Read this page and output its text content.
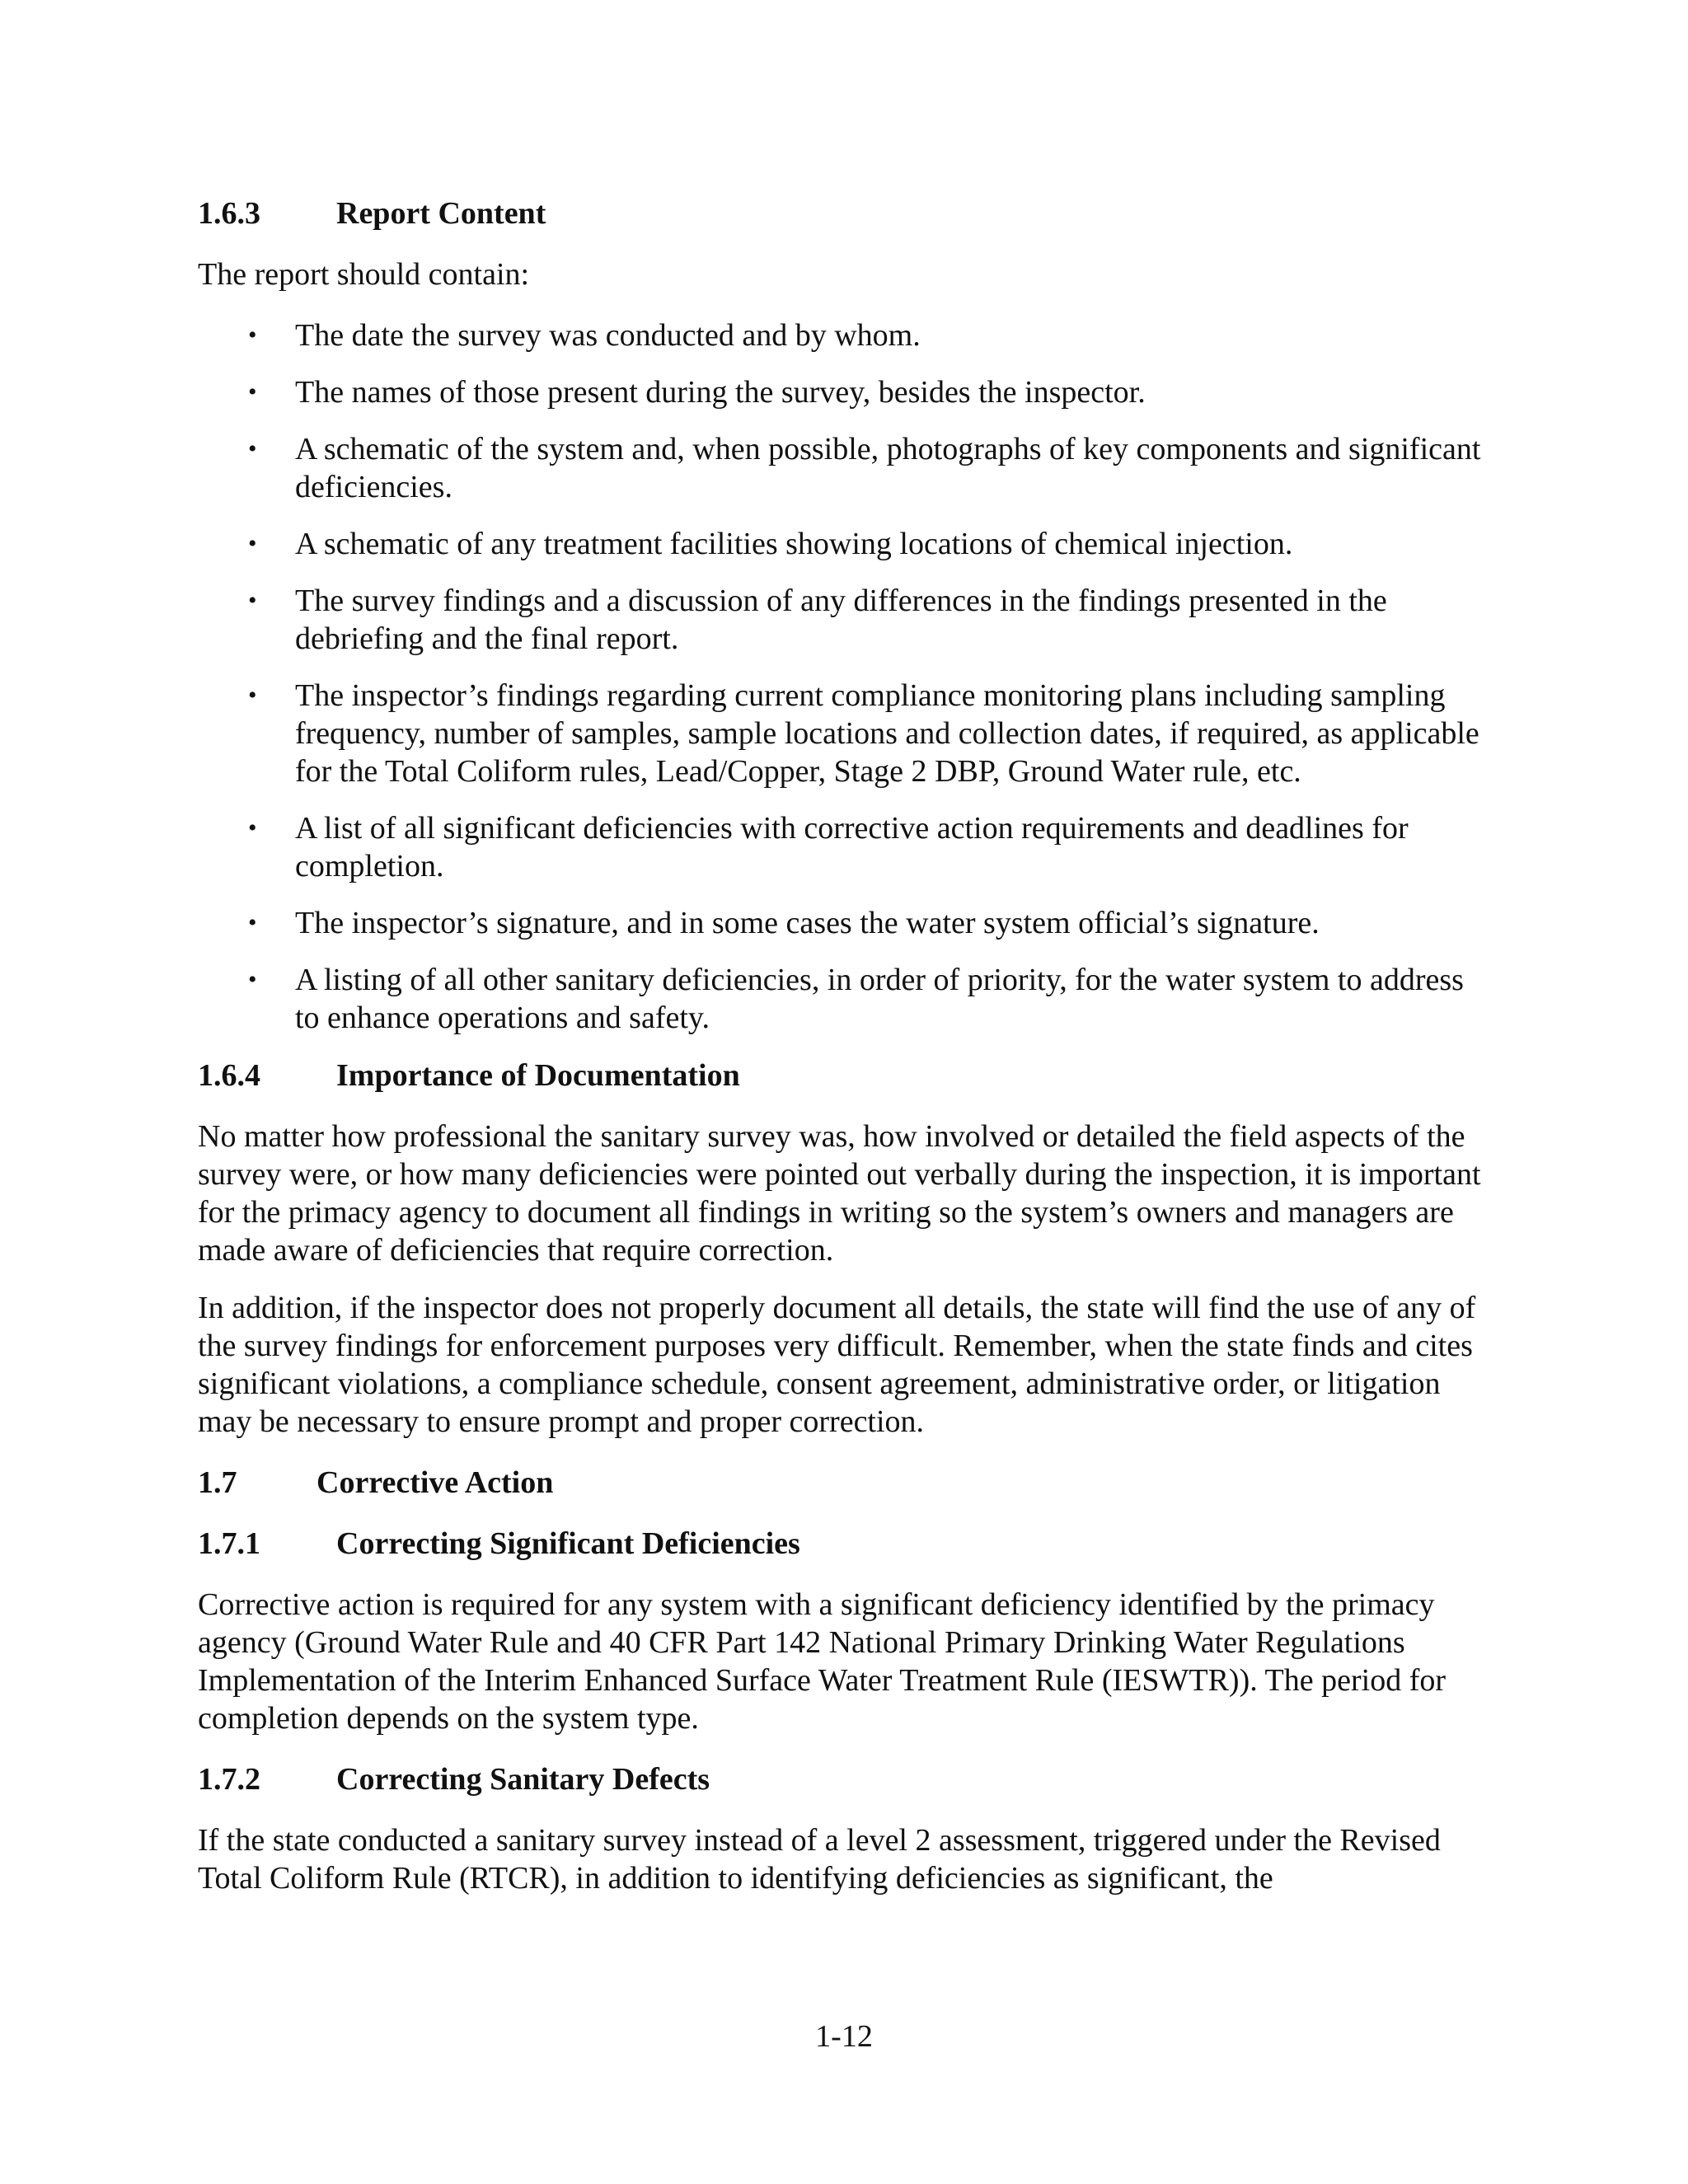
1.6.3	Report Content

The report should contain:

• The date the survey was conducted and by whom.
• The names of those present during the survey, besides the inspector.
• A schematic of the system and, when possible, photographs of key components and significant deficiencies.
• A schematic of any treatment facilities showing locations of chemical injection.
• The survey findings and a discussion of any differences in the findings presented in the debriefing and the final report.
• The inspector’s findings regarding current compliance monitoring plans including sampling frequency, number of samples, sample locations and collection dates, if required, as applicable for the Total Coliform rules, Lead/Copper, Stage 2 DBP, Ground Water rule, etc.
• A list of all significant deficiencies with corrective action requirements and deadlines for completion.
• The inspector’s signature, and in some cases the water system official’s signature.
• A listing of all other sanitary deficiencies, in order of priority, for the water system to address to enhance operations and safety.
1.6.4	Importance of Documentation

No matter how professional the sanitary survey was, how involved or detailed the field aspects of the survey were, or how many deficiencies were pointed out verbally during the inspection, it is important for the primacy agency to document all findings in writing so the system’s owners and managers are made aware of deficiencies that require correction.

In addition, if the inspector does not properly document all details, the state will find the use of any of the survey findings for enforcement purposes very difficult. Remember, when the state finds and cites significant violations, a compliance schedule, consent agreement, administrative order, or litigation may be necessary to ensure prompt and proper correction.

1.7	Corrective Action
1.7.1	Correcting Significant Deficiencies

Corrective action is required for any system with a significant deficiency identified by the primacy agency (Ground Water Rule and 40 CFR Part 142 National Primary Drinking Water Regulations Implementation of the Interim Enhanced Surface Water Treatment Rule (IESWTR)). The period for completion depends on the system type.

1.7.2	Correcting Sanitary Defects

If the state conducted a sanitary survey instead of a level 2 assessment, triggered under the Revised Total Coliform Rule (RTCR), in addition to identifying deficiencies as significant, the

1-12
